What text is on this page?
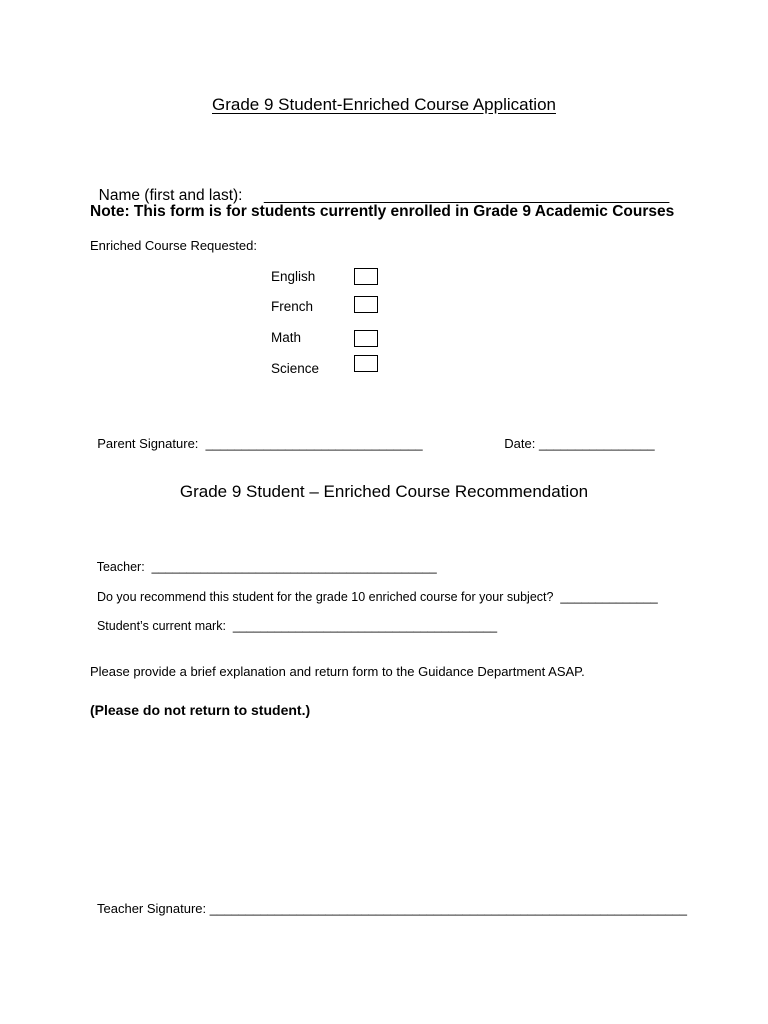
Grade 9 Student-Enriched Course Application

Name (first and last): _______________________________________________

Note: This form is for students currently enrolled in Grade 9 Academic Courses
Enriched Course Requested:
English
French
Math
Science

Parent Signature: ______________________________	Date: ________________

Grade 9 Student – Enriched Course Recommendation

Teacher: _________________________________________

Do you recommend this student for the grade 10 enriched course for your subject? ______________

Student’s current mark: ______________________________________

Please provide a brief explanation and return form to the Guidance Department ASAP.
(Please do not return to student.)

Teacher Signature: __________________________________________________________________
